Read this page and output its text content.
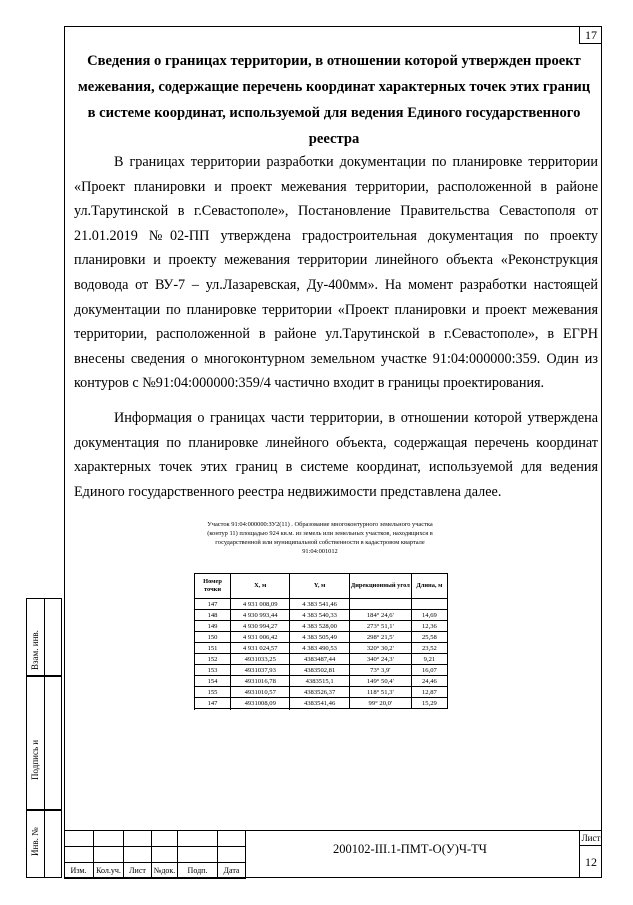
17
Сведения о границах территории, в отношении которой утвержден проект межевания, содержащие перечень координат характерных точек этих границ в системе координат, используемой для ведения Единого государственного реестра

В границах территории разработки документации по планировке территории «Проект планировки и проект межевания территории, расположенной в районе ул.Тарутинской в г.Севастополе», Постановление Правительства Севастополя от 21.01.2019 №02-ПП утверждена градостроительная документация по проекту планировки и проекту межевания территории линейного объекта «Реконструкция водовода от ВУ-7 – ул.Лазаревская, Ду-400мм». На момент разработки настоящей документации по планировке территории «Проект планировки и проект межевания территории, расположенной в районе ул.Тарутинской в г.Севастополе», в ЕГРН внесены сведения о многоконтурном земельном участке 91:04:000000:359. Один из контуров с №91:04:000000:359/4 частично входит в границы проектирования.

Информация о границах части территории, в отношении которой утверждена документация по планировке линейного объекта, содержащая перечень координат характерных точек этих границ в системе координат, используемой для ведения Единого государственного реестра недвижимости представлена далее.

Участок 91:04:000000:ЗУ2(11) . Образование многоконтурного земельного участка (контур 11) площадью 924 кв.м. из земель или земельных участков, находящихся в государственной или муниципальной собственности в кадастровом квартале 91:04:001012
Номер точки	X, м	Y, м	Дирекционный угол	Длина, м
147	4 931 008,09	4 383 541,46		
			184° 24,6'	14,69
148	4 930 993,44	4 383 540,33		
			273° 51,1'	12,36
149	4 930 994,27	4 383 528,00		
			298° 21,5'	25,58
150	4 931 006,42	4 383 505,49		
			320° 30,2'	23,52
151	4 931 024,57	4 383 490,53		
			340° 24,3'	9,21
152	4931033,25	4383487,44		
			73° 3,9'	16,07
153	4931037,93	4383502,81		
			149° 50,4'	24,46
154	4931016,78	4383515,1		
			118° 51,3'	12,87
155	4931010,57	4383526,37		
			99° 20,0'	15,29
147	4931008,09	4383541,46		

Взам. инв.
Подпись и
Инв. №
Изм.	Кол.уч.	Лист №док.	Подп.	Дата
200102-III.1-ПМТ-О(У)Ч-ТЧ
Лист
12
